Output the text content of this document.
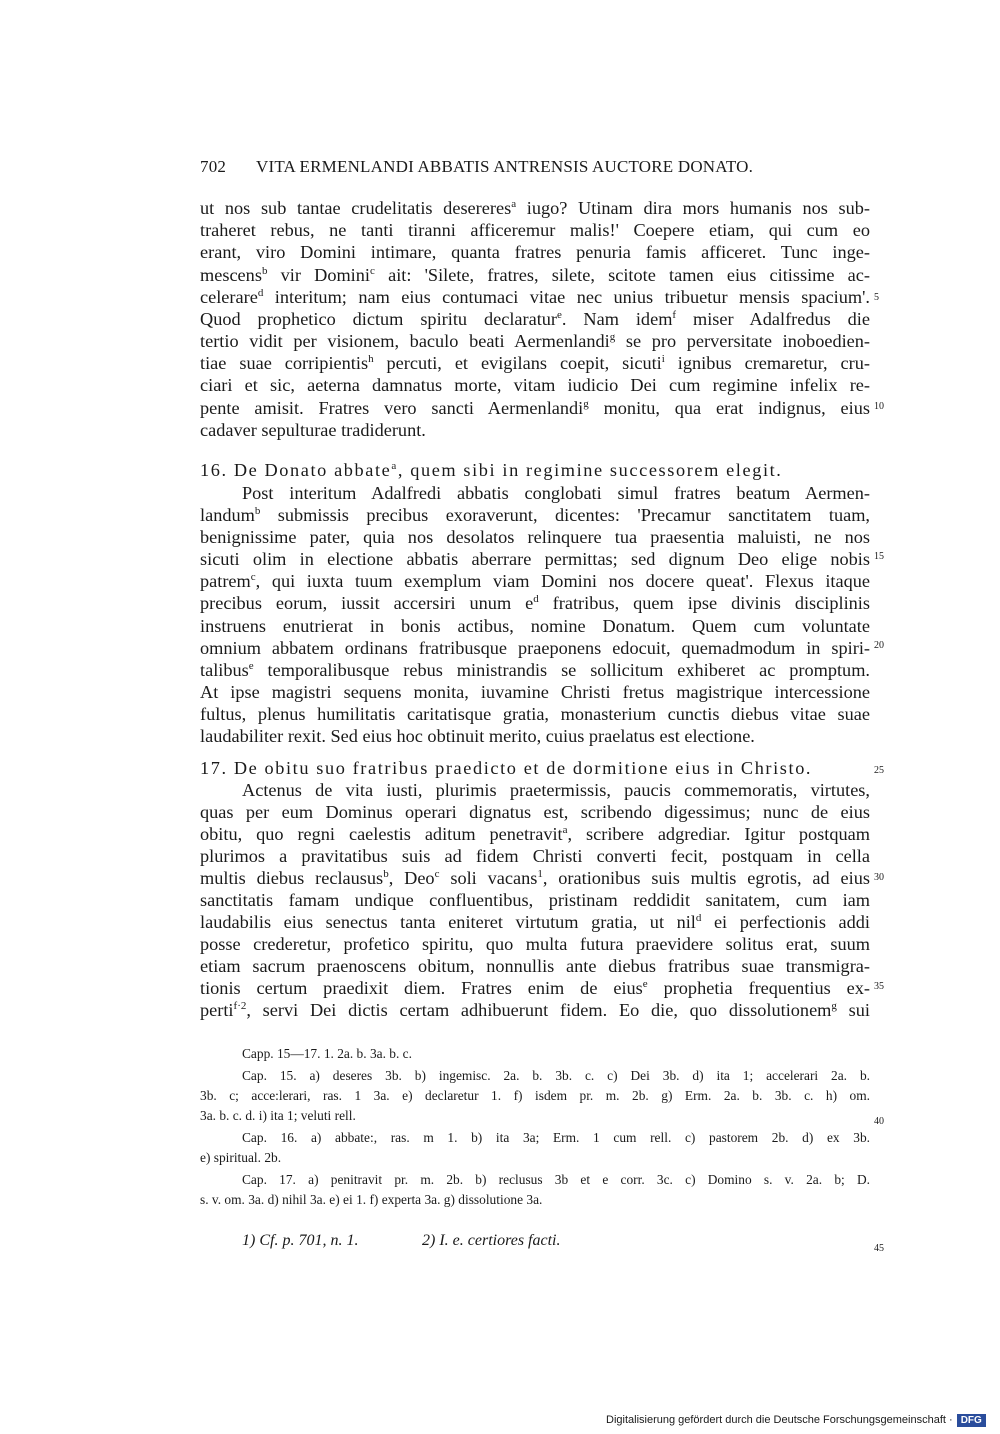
702 VITA ERMENLANDI ABBATIS ANTRENSIS AUCTORE DONATO.
ut nos sub tantae crudelitatis desereres$^a$ iugo? Utinam dira mors humanis nos sub-
traheret rebus, ne tanti tiranni afficeremur malis!' Coepere etiam, qui cum eo
erant, viro Domini intimare, quanta fratres penuria famis afficeret. Tunc inge-
mescens$^b$ vir Domini$^c$ ait: 'Silete, fratres, silete, scitote tamen eius citissime ac-
celerare$^d$ interitum; nam eius contumaci vitae nec unius tribuetur mensis spacium'.
Quod prophetico dictum spiritu declaratur$^e$. Nam idem$^f$ miser Adalfredus die
tertio vidit per visionem, baculo beati Aermenlandi$^g$ se pro perversitate inoboedien-
tiae suae corripientis$^h$ percuti, et evigilans coepit, sicuti$^i$ ignibus cremaretur, cru-
ciari et sic, aeterna damnatus morte, vitam iudicio Dei cum regimine infelix re-
pente amisit. Fratres vero sancti Aermenlandi$^g$ monitu, qua erat indignus, eius
cadaver sepulturae tradiderunt.
16. De Donato abbate$^a$, quem sibi in regimine successorem elegit.
Post interitum Adalfredi abbatis conglobati simul fratres beatum Aermen-
landum$^b$ submissis precibus exoraverunt, dicentes: 'Precamur sanctitatem tuam,
benignissime pater, quia nos desolatos relinquere tua praesentia maluisti, ne nos
sicuti olim in electione abbatis aberrare permittas; sed dignum Deo elige nobis
patrem$^c$, qui iuxta tuum exemplum viam Domini nos docere queat'. Flexus itaque
precibus eorum, iussit accersiri unum $e^d$ fratribus, quem ipse divinis disciplinis
instruens enutrierat in bonis actibus, nomine Donatum. Quem cum voluntate
omnium abbatem ordinans fratribusque praeponens edocuit, quemadmodum in spiri-
talibus$^e$ temporalibusque rebus ministrandis se sollicitum exhiberet ac promptum.
At ipse magistri sequens monita, iuvamine Christi fretus magistrique intercessione
fultus, plenus humilitatis caritatisque gratia, monasterium cunctis diebus vitae suae
laudabiliter rexit. Sed eius hoc obtinuit merito, cuius praelatus est electione.
17. De obitu suo fratribus praedicto et de dormitione eius in Christo.
Actenus de vita iusti, plurimis praetermissis, paucis commemoratis, virtutes,
quas per eum Dominus operari dignatus est, scribendo digessimus; nunc de eius
obitu, quo regni caelestis aditum penetravit$^a$, scribere adgrediar. Igitur postquam
plurimos a pravitatibus suis ad fidem Christi converti fecit, postquam in cella
multis diebus reclausus$^b$, Deo$^c$ soli vacans$^1$, orationibus suis multis egrotis, ad eius
sanctitatis famam undique confluentibus, pristinam reddidit sanitatem, cum iam
laudabilis eius senectus tanta eniteret virtutum gratia, ut nil$^d$ ei perfectionis addi
posse crederetur, profetico spiritu, quo multa futura praevidere solitus erat, suum
etiam sacrum praenoscens obitum, nonnullis ante diebus fratribus suae transmigra-
tionis certum praedixit diem. Fratres enim de eius$^e$ prophetia frequentius ex-
perti$^{f\cdot 2}$, servi Dei dictis certam adhibuerunt fidem. Eo die, quo dissolutionem$^g$ sui
5
10
15
20
25
30
35
40
45
Capp. 15—17. 1. 2a. b. 3a. b. c.
Cap. 15. a) deseres 3b. b) ingemisc. 2a. b. 3b. c. c) Dei 3b. d) ita 1; accelerari 2a. b.
3b. c; acce:lerari, ras. 1 3a. e) declaretur 1. f) isdem pr. m. 2b. g) Erm. 2a. b. 3b. c. h) om.
3a. b. c. d. i) ita 1; veluti rell.
Cap. 16. a) abbate:, ras. m 1. b) ita 3a; Erm. 1 cum rell. c) pastorem 2b. d) ex 3b.
e) spiritual. 2b.
Cap. 17. a) penitravit pr. m. 2b. b) reclusus 3b et e corr. 3c. c) Domino s. v. 2a. b; D.
s. v. om. 3a. d) nihil 3a. e) ei 1. f) experta 3a. g) dissolutione 3a.
1) Cf. p. 701, n. 1.	2) I. e. certiores facti.
Digitalisierung gefördert durch die Deutsche Forschungsgemeinschaft · DFG
